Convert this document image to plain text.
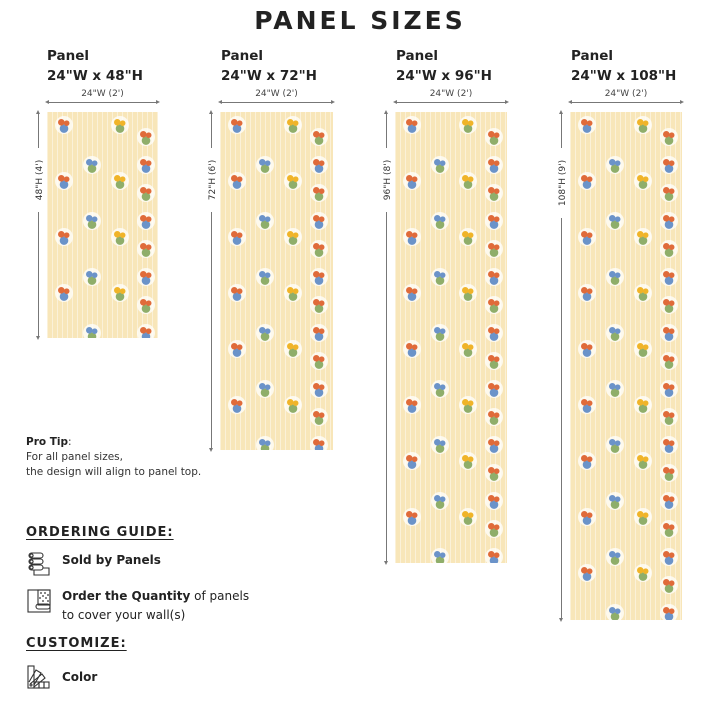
PANEL SIZES
Panel
24"W x 48"H
24"W (2')
48"H (4')
Panel
24"W x 72"H
24"W (2')
72"H (6')
Panel
24"W x 96"H
24"W (2')
96"H (8')
Panel
24"W x 108"H
24"W (2')
108"H (9')
Pro Tip:
For all panel sizes,
the design will align to panel top.
ORDERING GUIDE:
Sold by Panels
Order the Quantity of panels
to cover your wall(s)
CUSTOMIZE:
Color
